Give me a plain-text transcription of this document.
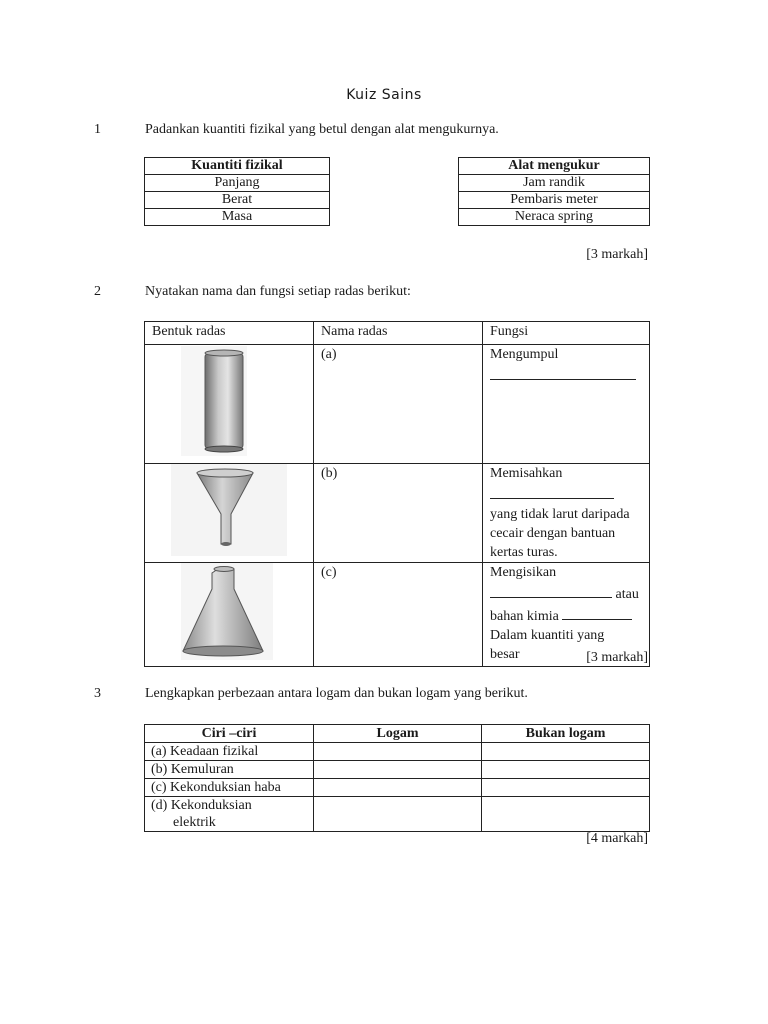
Kuiz Sains
1	Padankan kuantiti fizikal yang betul dengan alat mengukurnya.
Kuantiti fizikal
Panjang
Berat
Masa
Alat mengukur
Jam randik
Pembaris meter
Neraca spring
[3 markah]
2	Nyatakan nama dan fungsi setiap radas berikut:
Bentuk radas	Nama radas	Fungsi
	(a)	Mengumpul

	(b)	Memisahkan

yang tidak larut daripada
cecair dengan bantuan
kertas turas.
	(c)	Mengisikan
atau
bahan kimia
Dalam kuantiti yang
besar	[3 markah]
3	Lengkapkan perbezaan antara logam dan bukan logam yang berikut.
Ciri –ciri	Logam	Bukan logam
(a) Keadaan fizikal		
(b) Kemuluran		
(c) Kekonduksian haba		
(d) Kekonduksian
elektrik		

[4 markah]
